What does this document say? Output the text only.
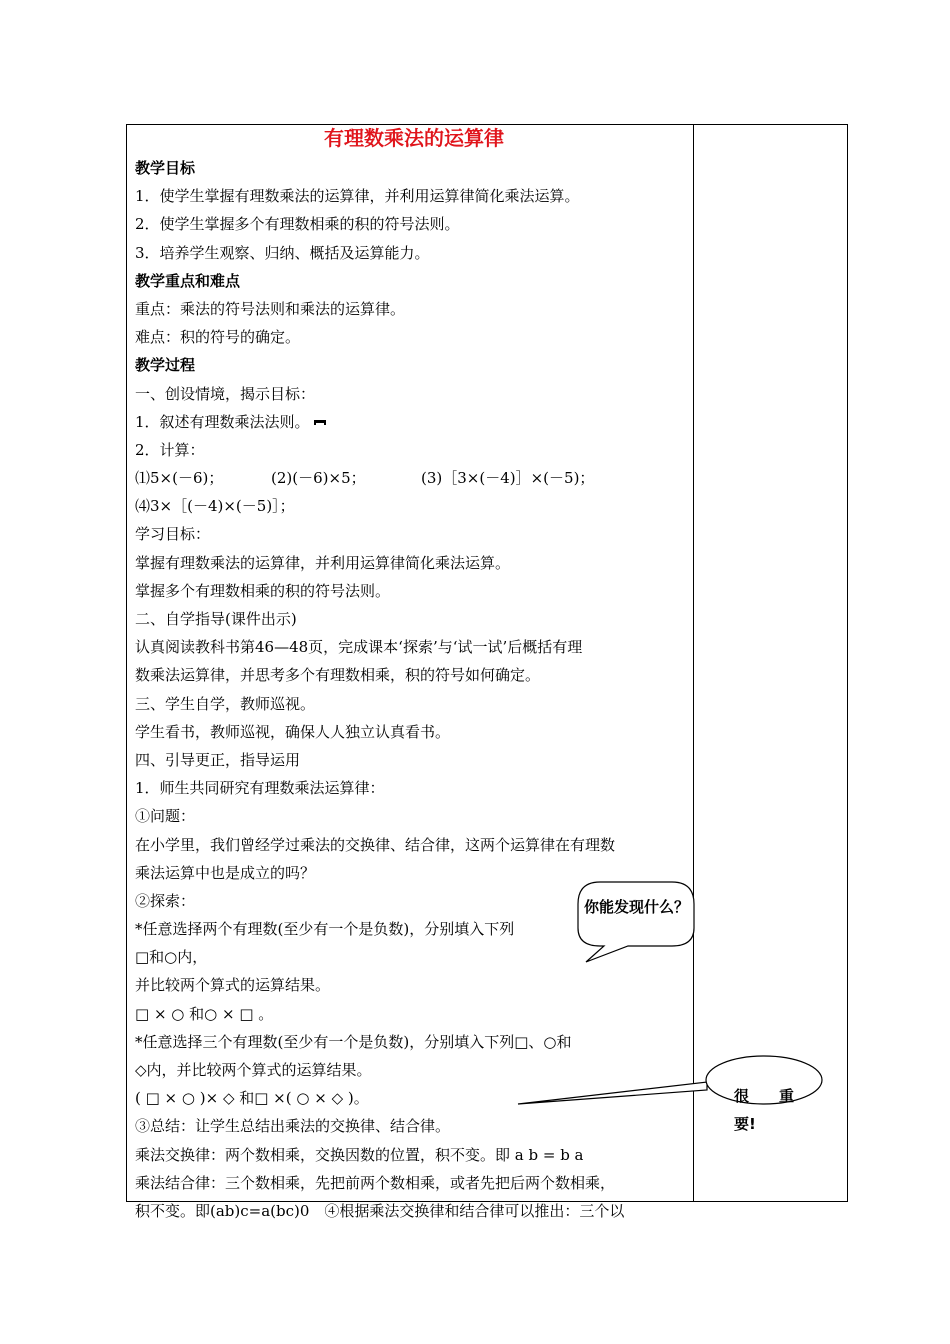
有理数乘法的运算律
教学目标
1．使学生掌握有理数乘法的运算律，并利用运算律简化乘法运算。
2．使学生掌握多个有理数相乘的积的符号法则。
3．培养学生观察、归纳、概括及运算能力。
教学重点和难点
重点：乘法的符号法则和乘法的运算律。
难点：积的符号的确定。
教学过程
一、创设情境，揭示目标：
1．叙述有理数乘法法则。
2．计算：
⑴5×(－6)；	(2)(－6)×5；	(3)［3×(－4)］×(－5)；
⑷3×［(－4)×(－5)］；
学习目标：
掌握有理数乘法的运算律，并利用运算律简化乘法运算。
掌握多个有理数相乘的积的符号法则。
二、自学指导(课件出示)
认真阅读教科书第46—48页，完成课本‘探索’与‘试一试’后概括有理
数乘法运算律，并思考多个有理数相乘，积的符号如何确定。
三、学生自学，教师巡视。
学生看书，教师巡视，确保人人独立认真看书。
四、引导更正，指导运用
1．师生共同研究有理数乘法运算律：
①问题：
在小学里，我们曾经学过乘法的交换律、结合律，这两个运算律在有理数
乘法运算中也是成立的吗？
②探索：
*任意选择两个有理数(至少有一个是负数)，分别填入下列
□和○内，
并比较两个算式的运算结果。
□ × ○ 和○ × □ 。
*任意选择三个有理数(至少有一个是负数)，分别填入下列□、○和
◇内，并比较两个算式的运算结果。
( □ × ○ )× ◇ 和□ ×( ○ × ◇ )。
③总结：让学生总结出乘法的交换律、结合律。
乘法交换律：两个数相乘，交换因数的位置，积不变。即 a b = b a
乘法结合律：三个数相乘，先把前两个数相乘，或者先把后两个数相乘，
积不变。即(ab)c=a(bc)0　④根据乘法交换律和结合律可以推出：三个以
你能发现什么？
很 重
要!
